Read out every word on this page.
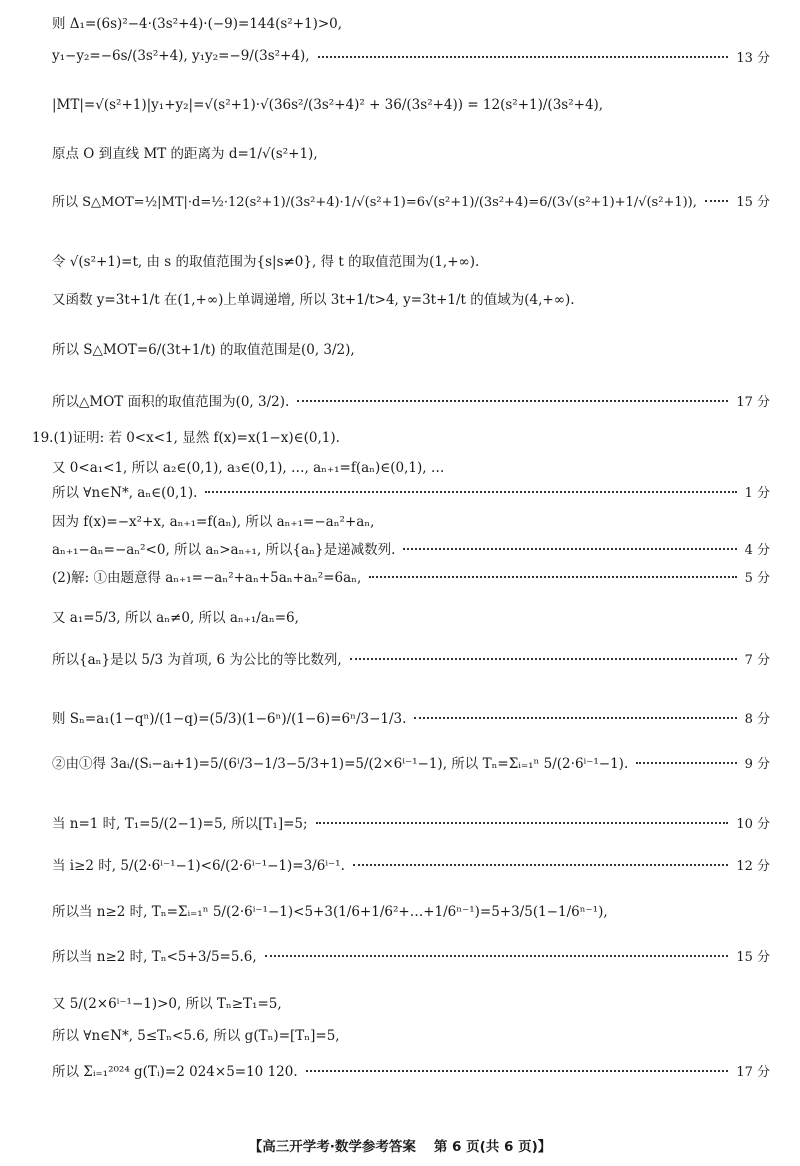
则 Δ₁=(6s)²−4·(3s²+4)·(−9)=144(s²+1)>0,
y₁−y₂=−6s/(3s²+4), y₁y₂=−9/(3s²+4),	13 分
|MT|=√(s²+1)|y₁+y₂|=√(s²+1)·√(36s²/(3s²+4)² + 36/(3s²+4)) = 12(s²+1)/(3s²+4),
原点 O 到直线 MT 的距离为 d=1/√(s²+1),
所以 S△MOT=½|MT|·d=½·12(s²+1)/(3s²+4)·1/√(s²+1)=6√(s²+1)/(3s²+4)=6/(3√(s²+1)+1/√(s²+1)),	15 分
令 √(s²+1)=t, 由 s 的取值范围为{s|s≠0}, 得 t 的取值范围为(1,+∞).
又函数 y=3t+1/t 在(1,+∞)上单调递增, 所以 3t+1/t>4, y=3t+1/t 的值域为(4,+∞).
所以 S△MOT=6/(3t+1/t) 的取值范围是(0, 3/2),
所以△MOT 面积的取值范围为(0, 3/2).	17 分
19.(1)证明: 若 0<x<1, 显然 f(x)=x(1−x)∈(0,1).
又 0<a₁<1, 所以 a₂∈(0,1), a₃∈(0,1), …, aₙ₊₁=f(aₙ)∈(0,1), …
所以 ∀n∈N*, aₙ∈(0,1).	1 分
因为 f(x)=−x²+x, aₙ₊₁=f(aₙ), 所以 aₙ₊₁=−aₙ²+aₙ,
aₙ₊₁−aₙ=−aₙ²<0, 所以 aₙ>aₙ₊₁, 所以{aₙ}是递减数列.	4 分
(2)解: ①由题意得 aₙ₊₁=−aₙ²+aₙ+5aₙ+aₙ²=6aₙ,	5 分
又 a₁=5/3, 所以 aₙ≠0, 所以 aₙ₊₁/aₙ=6,
所以{aₙ}是以 5/3 为首项, 6 为公比的等比数列,	7 分
则 Sₙ=a₁(1−qⁿ)/(1−q)=(5/3)(1−6ⁿ)/(1−6)=6ⁿ/3−1/3.	8 分
②由①得 3aᵢ/(Sᵢ−aᵢ+1)=5/(6ⁱ/3−1/3−5/3+1)=5/(2×6ⁱ⁻¹−1), 所以 Tₙ=Σᵢ₌₁ⁿ 5/(2·6ⁱ⁻¹−1).	9 分
当 n=1 时, T₁=5/(2−1)=5, 所以[T₁]=5;	10 分
当 i≥2 时, 5/(2·6ⁱ⁻¹−1)<6/(2·6ⁱ⁻¹−1)=3/6ⁱ⁻¹.	12 分
所以当 n≥2 时, Tₙ=Σᵢ₌₁ⁿ 5/(2·6ⁱ⁻¹−1)<5+3(1/6+1/6²+…+1/6ⁿ⁻¹)=5+3/5(1−1/6ⁿ⁻¹),
所以当 n≥2 时, Tₙ<5+3/5=5.6,	15 分
又 5/(2×6ⁱ⁻¹−1)>0, 所以 Tₙ≥T₁=5,
所以 ∀n∈N*, 5≤Tₙ<5.6, 所以 g(Tₙ)=[Tₙ]=5,
所以 Σᵢ₌₁²⁰²⁴ g(Tᵢ)=2 024×5=10 120.	17 分
【高三开学考·数学参考答案 第 6 页(共 6 页)】
